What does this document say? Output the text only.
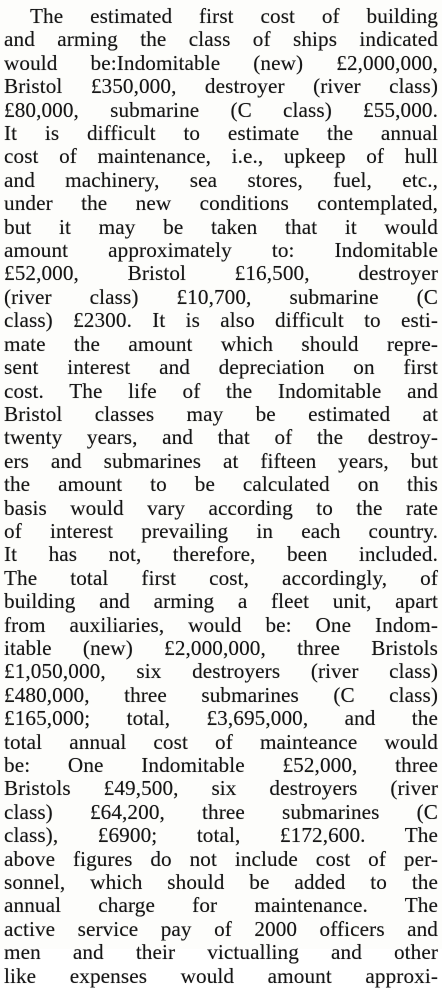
The estimated first cost of building
and arming the class of ships indicated
would be:Indomitable (new) £2,000,000,
Bristol £350,000, destroyer (river class)
£80,000, submarine (C class) £55,000.
It is difficult to estimate the annual
cost of maintenance, i.e., upkeep of hull
and machinery, sea stores, fuel, etc.,
under the new conditions contemplated,
but it may be taken that it would
amount approximately to: Indomitable
£52,000, Bristol £16,500, destroyer
(river class) £10,700, submarine (C
class) £2300. It is also difficult to esti-
mate the amount which should repre-
sent interest and depreciation on first
cost. The life of the Indomitable and
Bristol classes may be estimated at
twenty years, and that of the destroy-
ers and submarines at fifteen years, but
the amount to be calculated on this
basis would vary according to the rate
of interest prevailing in each country.
It has not, therefore, been included.
The total first cost, accordingly, of
building and arming a fleet unit, apart
from auxiliaries, would be: One Indom-
itable (new) £2,000,000, three Bristols
£1,050,000, six destroyers (river class)
£480,000, three submarines (C class)
£165,000; total, £3,695,000, and the
total annual cost of mainteance would
be: One Indomitable £52,000, three
Bristols £49,500, six destroyers (river
class) £64,200, three submarines (C
class), £6900; total, £172,600. The
above figures do not include cost of per-
sonnel, which should be added to the
annual charge for maintenance. The
active service pay of 2000 officers and
men and their victualling and other
like expenses would amount approxi-
